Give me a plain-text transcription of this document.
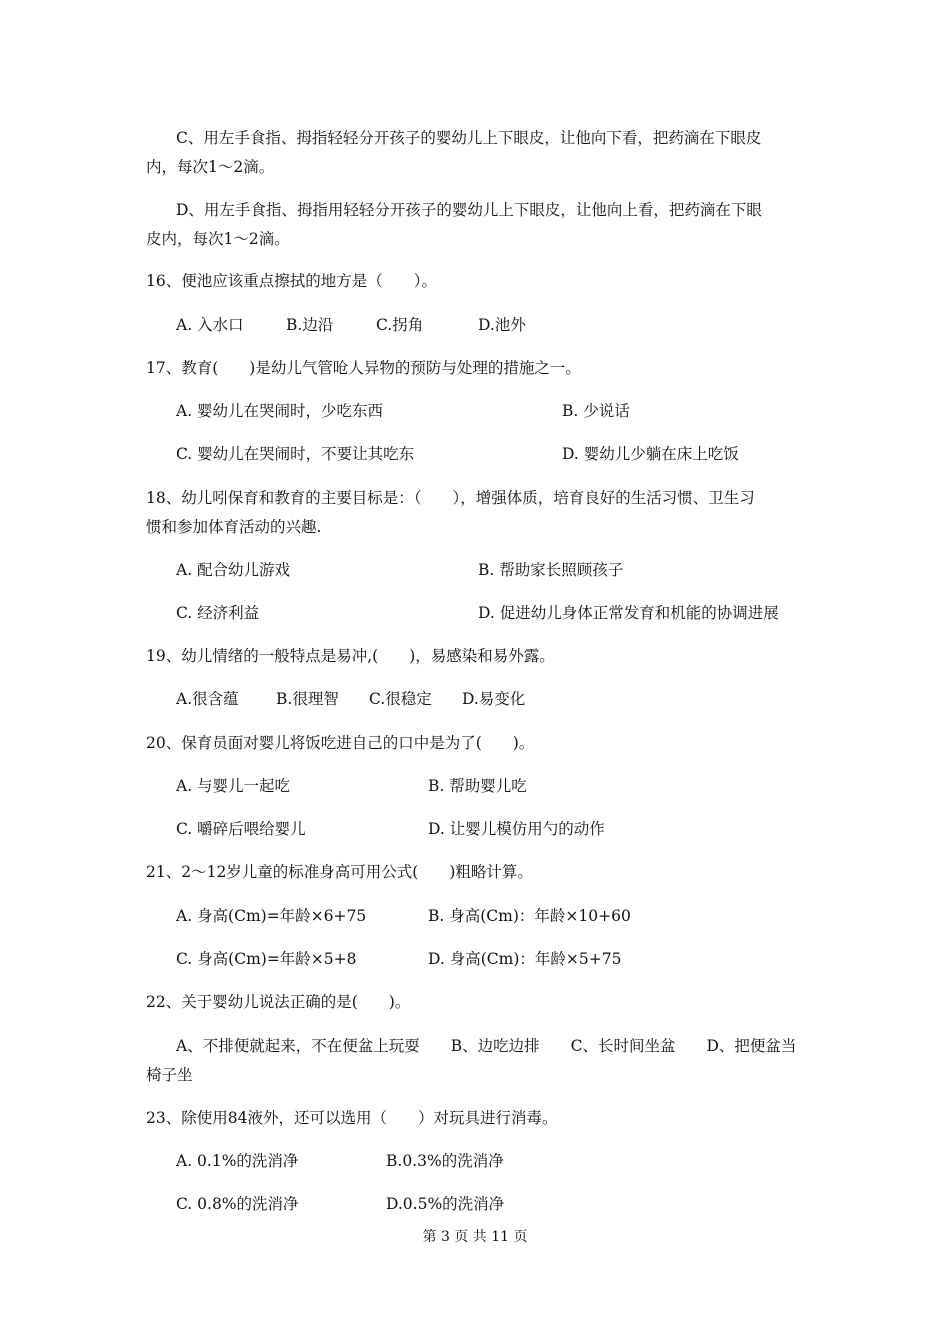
C、用左手食指、拇指轻轻分开孩子的婴幼儿上下眼皮，让他向下看，把药滴在下眼皮
内，每次1～2滴。
D、用左手食指、拇指用轻轻分开孩子的婴幼儿上下眼皮，让他向上看，把药滴在下眼
皮内，每次1～2滴。
16、便池应该重点擦拭的地方是（　　）。
A. 入水口	B.边沿	C.拐角	D.池外
17、教育(　　)是幼儿气管呛人异物的预防与处理的措施之一。
A. 婴幼儿在哭闹时，少吃东西	B. 少说话
C. 婴幼儿在哭闹时，不要让其吃东	D. 婴幼儿少躺在床上吃饭
18、幼儿吲保育和教育的主要目标是：（　　），增强体质，培育良好的生活习惯、卫生习
惯和参加体育活动的兴趣.
A. 配合幼儿游戏	B. 帮助家长照顾孩子
C. 经济利益	D. 促进幼儿身体正常发育和机能的协调进展
19、幼儿情绪的一般特点是易冲,(　　)，易感染和易外露。
A.很含蕴 B.很理智 C.很稳定 D.易变化
20、保育员面对婴儿将饭吃进自己的口中是为了(　　)。
A. 与婴儿一起吃	B. 帮助婴儿吃
C. 嚼碎后喂给婴儿	D. 让婴儿模仿用勺的动作
21、2～12岁儿童的标准身高可用公式(　　)粗略计算。
A. 身高(Cm)=年龄×6+75	B. 身高(Cm)：年龄×10+60
C. 身高(Cm)=年龄×5+8	D. 身高(Cm)：年龄×5+75
22、关于婴幼儿说法正确的是(　　)。
A、不排便就起来，不在便盆上玩耍　　B、边吃边排　　C、长时间坐盆　　D、把便盆当
椅子坐
23、除使用84液外，还可以选用（　　）对玩具进行消毒。
A. 0.1%的洗消净	B.0.3%的洗消净
C. 0.8%的洗消净	D.0.5%的洗消净
第 3 页 共 11 页
